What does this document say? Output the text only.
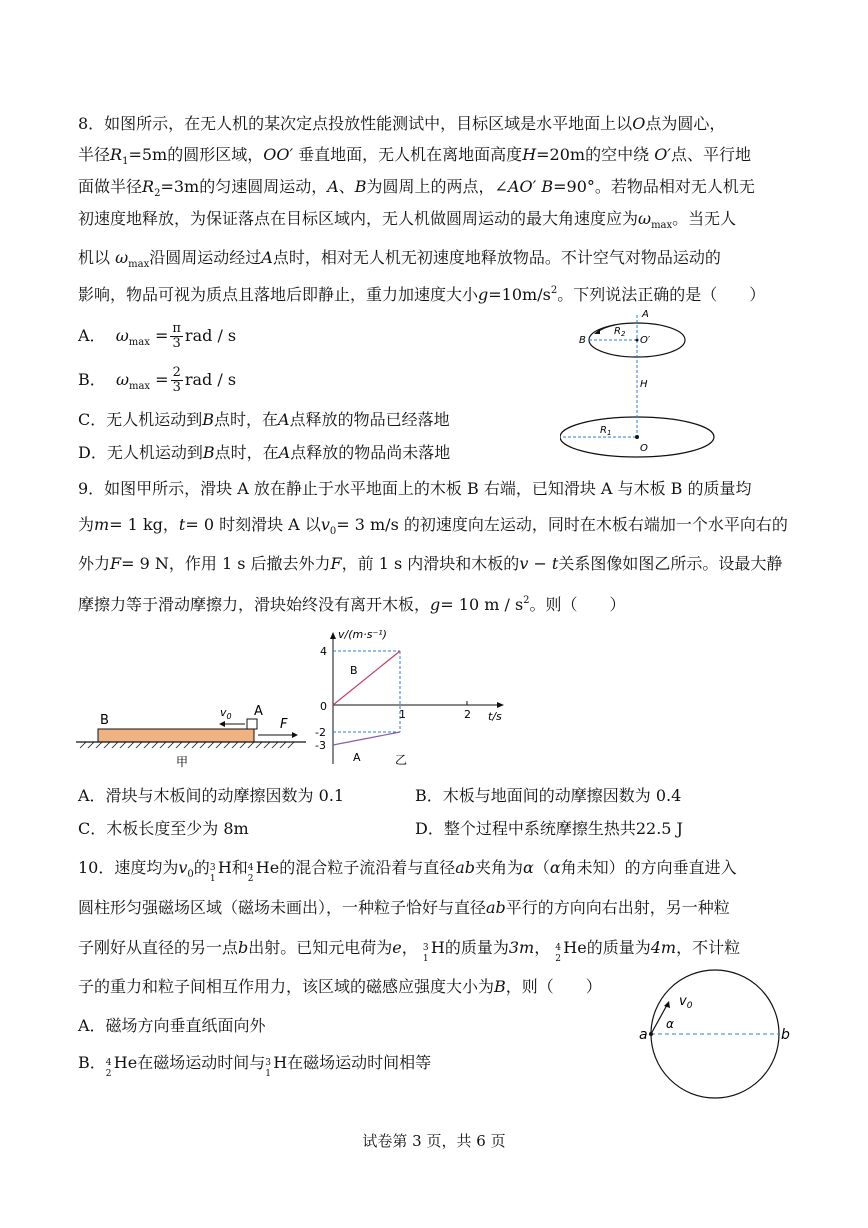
8．如图所示，在无人机的某次定点投放性能测试中，目标区域是水平地面上以O点为圆心，
半径$R_1=5m$的圆形区域，OO′ 垂直地面，无人机在离地面高度H=20m的空中绕 O′点、平行地
面做半径$R_2=3m$的匀速圆周运动，A、B为圆周上的两点，∠AO′ B=90°。若物品相对无人机无
初速度地释放，为保证落点在目标区域内，无人机做圆周运动的最大角速度应为$\omega_{max}$。当无人
机以 $\omega_{max}$沿圆周运动经过A点时，相对无人机无初速度地释放物品。不计空气对物品运动的
影响，物品可视为质点且落地后即静止，重力加速度大小$g=10m/s^2$。下列说法正确的是（　　）
A． $\omega_{max} = \frac{\pi}{3}$ rad / s
B． $\omega_{max} = \frac{2}{3}$ rad / s
C．无人机运动到B点时，在A点释放的物品已经落地
D．无人机运动到B点时，在A点释放的物品尚未落地
A
B
$R_2$
O′
H
$R_1$
O
9．如图甲所示，滑块 A 放在静止于水平地面上的木板 B 右端，已知滑块 A 与木板 B 的质量均
为m= 1 kg，t= 0 时刻滑块 A 以$v_0= 3$ m/s 的初速度向左运动，同时在木板右端加一个水平向右的
外力F= 9 N，作用 1 s 后撤去外力F，前 1 s 内滑块和木板的v − t关系图像如图乙所示。设最大静
摩擦力等于滑动摩擦力，滑块始终没有离开木板，g= 10 m / $s^2$。则（　　）
B
A
$v_0$
F
甲
v/(m·s⁻¹)
t/s
4
0
-2
-3
1	2
B
A	乙
A．滑块与木板间的动摩擦因数为 0.1	B．木板与地面间的动摩擦因数为 0.4
C．木板长度至少为 8m	D．整个过程中系统摩擦生热共22.5 J
10．速度均为$v_0$的 3
1
H和 4
2
He的混合粒子流沿着与直径ab夹角为α（α角未知）的方向垂直进入
圆柱形匀强磁场区域（磁场未画出），一种粒子恰好与直径ab平行的方向向右出射，另一种粒
子刚好从直径的另一点b出射。已知元电荷为e， 3
1
H的质量为3m， 4
2
He的质量为4m，不计粒
子的重力和粒子间相互作用力，该区域的磁感应强度大小为B，则（　　）
A．磁场方向垂直纸面向外
B． 4
2
He在磁场运动时间与 3
1
H在磁场运动时间相等
a	b
$v_0$
α
试卷第 3 页，共 6 页
